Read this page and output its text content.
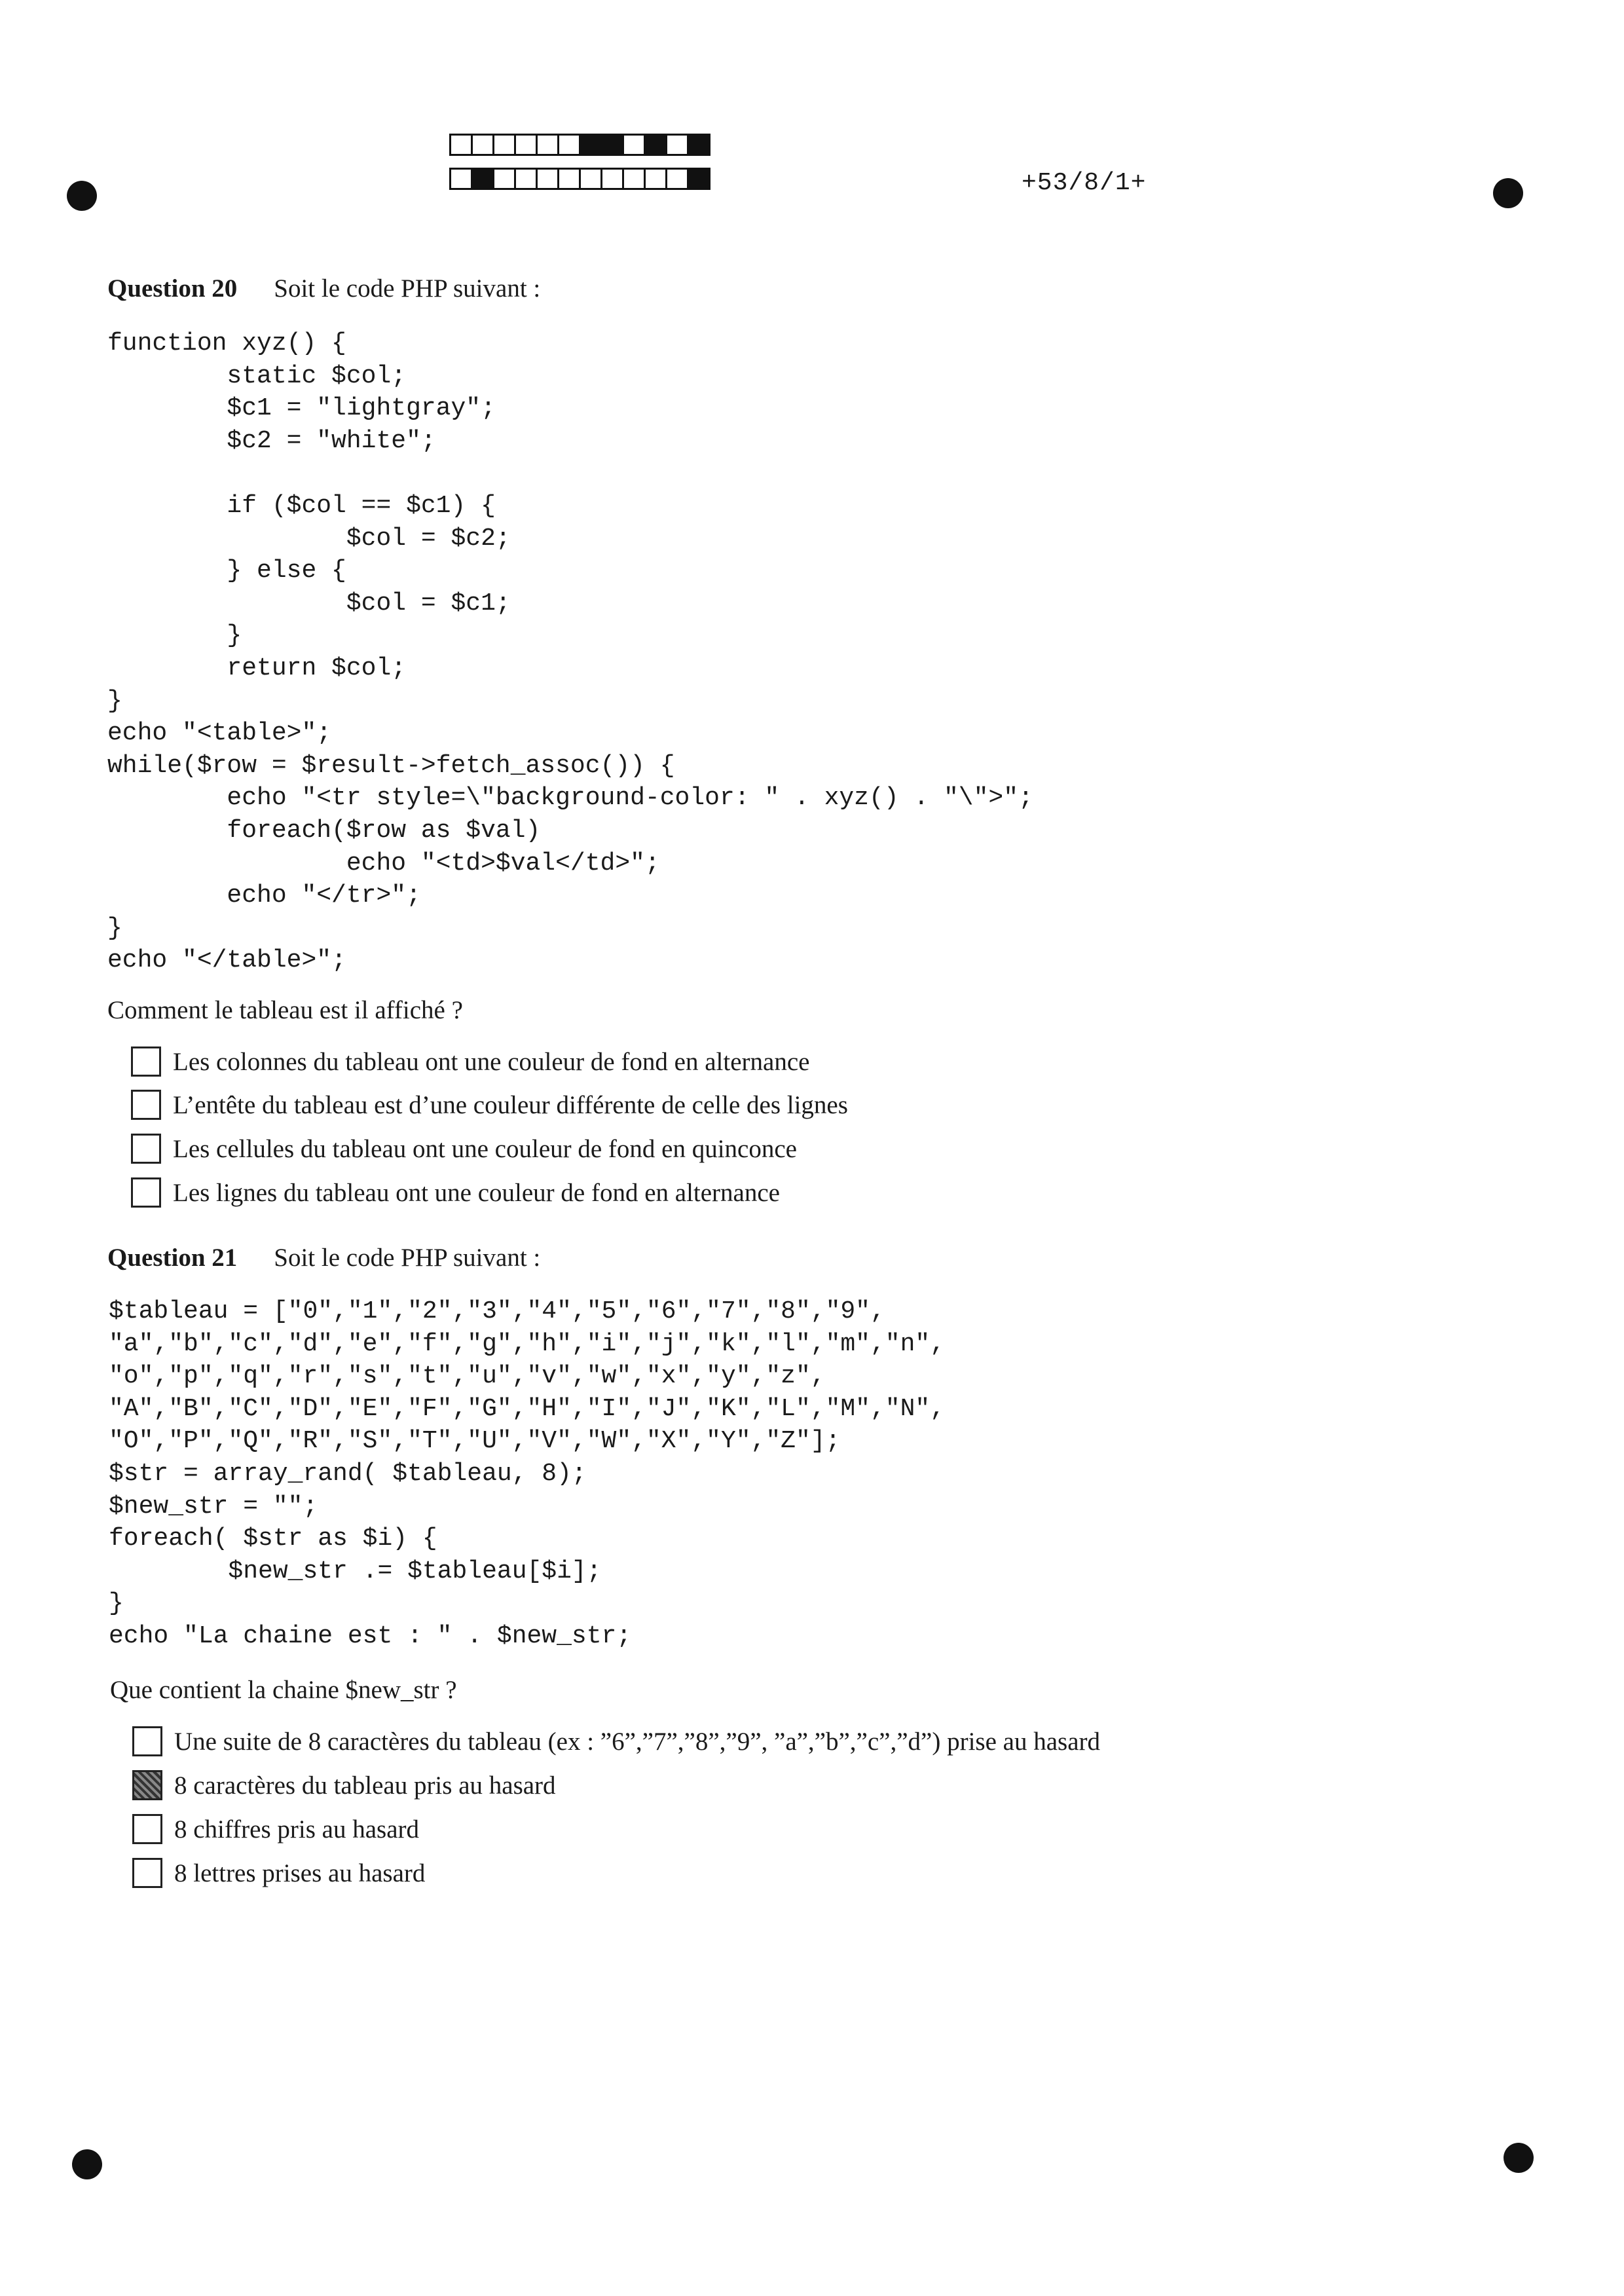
+53/8/1+
Question 20 Soit le code PHP suivant :
function xyz() {
static $col;
$c1 = "lightgray";
$c2 = "white";

if ($col == $c1) {
$col = $c2;
} else {
$col = $c1;
}
return $col;
}
echo "<table>";
while($row = $result->fetch_assoc()) {
echo "<tr style=\"background-color: " . xyz() . "\">";
foreach($row as $val)
echo "<td>$val</td>";
echo "</tr>";
}
echo "</table>";
Comment le tableau est il affiché ?
Les colonnes du tableau ont une couleur de fond en alternance
L’entête du tableau est d’une couleur différente de celle des lignes
Les cellules du tableau ont une couleur de fond en quinconce
Les lignes du tableau ont une couleur de fond en alternance
Question 21 Soit le code PHP suivant :
$tableau = ["0","1","2","3","4","5","6","7","8","9",
"a","b","c","d","e","f","g","h","i","j","k","l","m","n",
"o","p","q","r","s","t","u","v","w","x","y","z",
"A","B","C","D","E","F","G","H","I","J","K","L","M","N",
"O","P","Q","R","S","T","U","V","W","X","Y","Z"];
$str = array_rand( $tableau, 8);
$new_str = "";
foreach( $str as $i) {
$new_str .= $tableau[$i];
}
echo "La chaine est : " . $new_str;
Que contient la chaine $new_str ?
Une suite de 8 caractères du tableau (ex : ”6”,”7”,”8”,”9”, ”a”,”b”,”c”,”d”) prise au hasard
8 caractères du tableau pris au hasard
8 chiffres pris au hasard
8 lettres prises au hasard
